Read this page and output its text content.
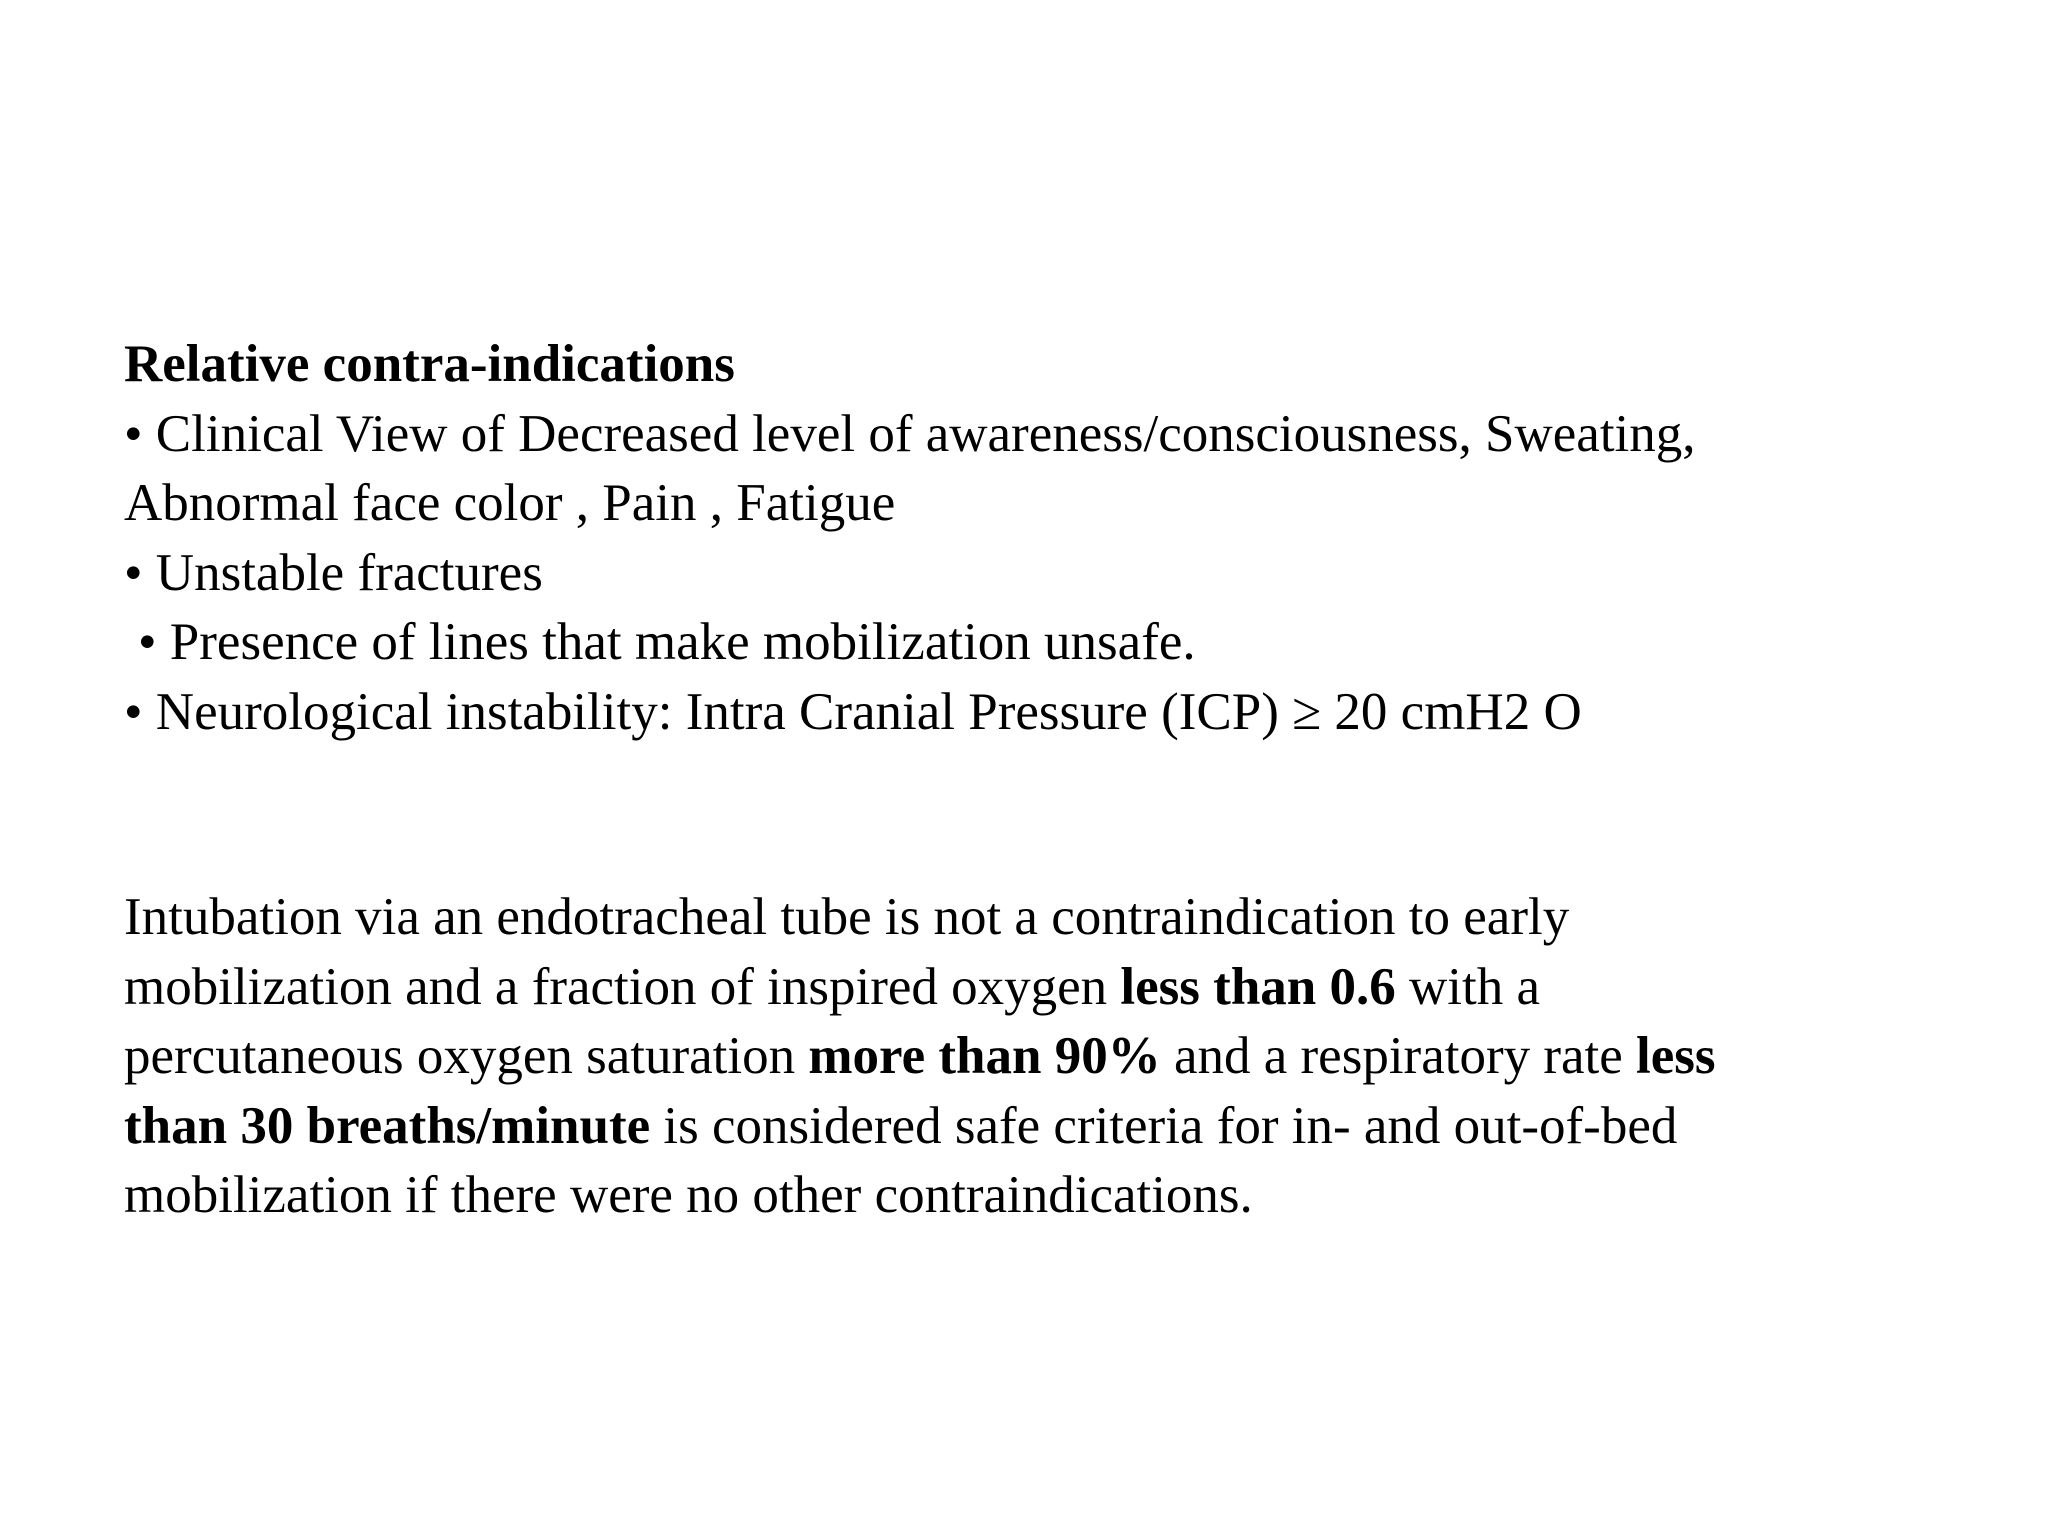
Relative contra-indications
• Clinical View of Decreased level of awareness/consciousness, Sweating,
Abnormal face color , Pain , Fatigue
• Unstable fractures
• Presence of lines that make mobilization unsafe.
• Neurological instability: Intra Cranial Pressure (ICP) ≥ 20 cmH2 O
Intubation via an endotracheal tube is not a contraindication to early
mobilization and a fraction of inspired oxygen less than 0.6 with a
percutaneous oxygen saturation more than 90% and a respiratory rate less
than 30 breaths/minute is considered safe criteria for in- and out-of-bed
mobilization if there were no other contraindications.
